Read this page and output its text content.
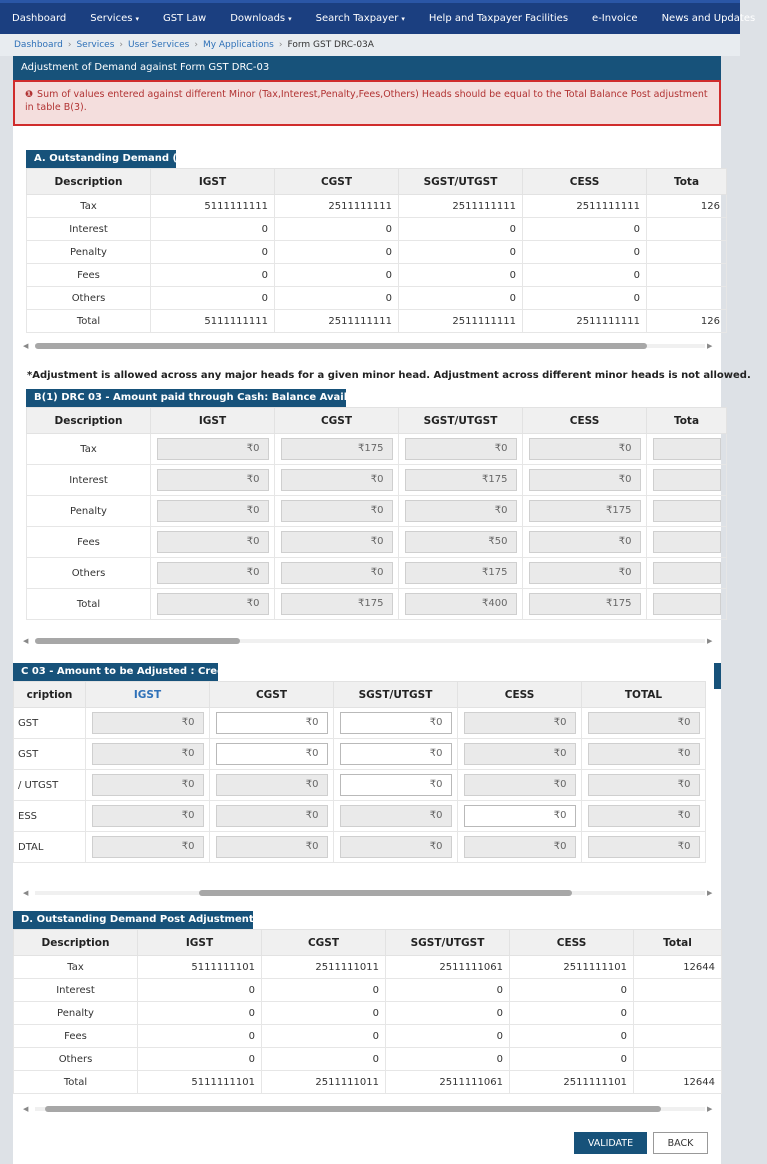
Dashboard	Services ▾	GST Law	Downloads ▾	Search Taxpayer ▾	Help and Taxpayer Facilities	e-Invoice	News and Updates
Dashboard › Services › User Services › My Applications › Form GST DRC-03A
Adjustment of Demand against Form GST DRC-03
❶ Sum of values entered against different Minor (Tax,Interest,Penalty,Fees,Others) Heads should be equal to the Total Balance Post adjustment in table B(3).
A. Outstanding Demand (₹)
Description	IGST	CGST	SGST/UTGST	CESS	Tota
Tax	5111111111	2511111111	2511111111	2511111111	126
Interest	0	0	0	0	
Penalty	0	0	0	0	
Fees	0	0	0	0	
Others	0	0	0	0	
Total	5111111111	2511111111	2511111111	2511111111	126
◀	▶
*Adjustment is allowed across any major heads for a given minor head. Adjustment across different minor heads is not allowed.
B(1) DRC 03 - Amount paid through Cash: Balance Available (₹)
Description	IGST	CGST	SGST/UTGST	CESS	Tota
Tax	₹0	₹175	₹0	₹0	

Interest	₹0	₹0	₹175	₹0	

Penalty	₹0	₹0	₹0	₹175	

Fees	₹0	₹0	₹50	₹0	

Others	₹0	₹0	₹175	₹0	

Total	₹0	₹175	₹400	₹175	

◀	▶
C 03 - Amount to be Adjusted : Credit (₹)
cription	IGST	CGST	SGST/UTGST	CESS	TOTAL
GST	₹0	₹0	₹0	₹0	₹0

GST	₹0	₹0	₹0	₹0	₹0

/ UTGST	₹0	₹0	₹0	₹0	₹0

ESS	₹0	₹0	₹0	₹0	₹0

DTAL	₹0	₹0	₹0	₹0	₹0
◀	▶
D. Outstanding Demand Post Adjustment (₹)
Description	IGST	CGST	SGST/UTGST	CESS	Total
Tax	5111111101	2511111011	2511111061	2511111101	12644
Interest	0	0	0	0	
Penalty	0	0	0	0	
Fees	0	0	0	0	
Others	0	0	0	0	
Total	5111111101	2511111011	2511111061	2511111101	12644
◀	▶
VALIDATE	BACK
